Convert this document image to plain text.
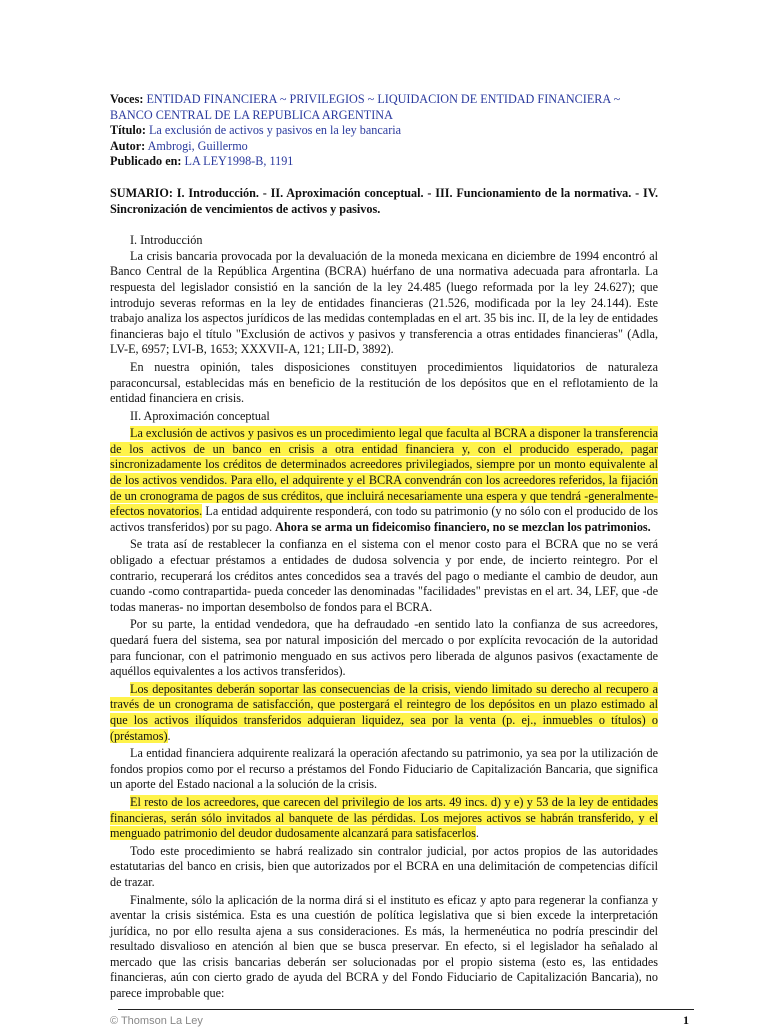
Voces: ENTIDAD FINANCIERA ~ PRIVILEGIOS ~ LIQUIDACION DE ENTIDAD FINANCIERA ~ BANCO CENTRAL DE LA REPUBLICA ARGENTINA
Título: La exclusión de activos y pasivos en la ley bancaria
Autor: Ambrogi, Guillermo
Publicado en: LA LEY1998-B, 1191
SUMARIO: I. Introducción. - II. Aproximación conceptual. - III. Funcionamiento de la normativa. - IV. Sincronización de vencimientos de activos y pasivos.
I. Introducción

La crisis bancaria provocada por la devaluación de la moneda mexicana en diciembre de 1994 encontró al Banco Central de la República Argentina (BCRA) huérfano de una normativa adecuada para afrontarla. La respuesta del legislador consistió en la sanción de la ley 24.485 (luego reformada por la ley 24.627); que introdujo severas reformas en la ley de entidades financieras (21.526, modificada por la ley 24.144). Este trabajo analiza los aspectos jurídicos de las medidas contempladas en el art. 35 bis inc. II, de la ley de entidades financieras bajo el título "Exclusión de activos y pasivos y transferencia a otras entidades financieras" (Adla, LV-E, 6957; LVI-B, 1653; XXXVII-A, 121; LII-D, 3892).

En nuestra opinión, tales disposiciones constituyen procedimientos liquidatorios de naturaleza paraconcursal, establecidas más en beneficio de la restitución de los depósitos que en el reflotamiento de la entidad financiera en crisis.

II. Aproximación conceptual

La exclusión de activos y pasivos es un procedimiento legal que faculta al BCRA a disponer la transferencia de los activos de un banco en crisis a otra entidad financiera y, con el producido esperado, pagar sincronizadamente los créditos de determinados acreedores privilegiados, siempre por un monto equivalente al de los activos vendidos. Para ello, el adquirente y el BCRA convendrán con los acreedores referidos, la fijación de un cronograma de pagos de sus créditos, que incluirá necesariamente una espera y que tendrá -generalmente- efectos novatorios. La entidad adquirente responderá, con todo su patrimonio (y no sólo con el producido de los activos transferidos) por su pago. Ahora se arma un fideicomiso financiero, no se mezclan los patrimonios.

Se trata así de restablecer la confianza en el sistema con el menor costo para el BCRA que no se verá obligado a efectuar préstamos a entidades de dudosa solvencia y por ende, de incierto reintegro. Por el contrario, recuperará los créditos antes concedidos sea a través del pago o mediante el cambio de deudor, aun cuando -como contrapartida- pueda conceder las denominadas "facilidades" previstas en el art. 34, LEF, que -de todas maneras- no importan desembolso de fondos para el BCRA.

Por su parte, la entidad vendedora, que ha defraudado -en sentido lato la confianza de sus acreedores, quedará fuera del sistema, sea por natural imposición del mercado o por explícita revocación de la autoridad para funcionar, con el patrimonio menguado en sus activos pero liberada de algunos pasivos (exactamente de aquéllos equivalentes a los activos transferidos).

Los depositantes deberán soportar las consecuencias de la crisis, viendo limitado su derecho al recupero a través de un cronograma de satisfacción, que postergará el reintegro de los depósitos en un plazo estimado al que los activos ilíquidos transferidos adquieran liquidez, sea por la venta (p. ej., inmuebles o títulos) o (préstamos).

La entidad financiera adquirente realizará la operación afectando su patrimonio, ya sea por la utilización de fondos propios como por el recurso a préstamos del Fondo Fiduciario de Capitalización Bancaria, que significa un aporte del Estado nacional a la solución de la crisis.

El resto de los acreedores, que carecen del privilegio de los arts. 49 incs. d) y e) y 53 de la ley de entidades financieras, serán sólo invitados al banquete de las pérdidas. Los mejores activos se habrán transferido, y el menguado patrimonio del deudor dudosamente alcanzará para satisfacerlos.

Todo este procedimiento se habrá realizado sin contralor judicial, por actos propios de las autoridades estatutarias del banco en crisis, bien que autorizados por el BCRA en una delimitación de competencias difícil de trazar.

Finalmente, sólo la aplicación de la norma dirá si el instituto es eficaz y apto para regenerar la confianza y aventar la crisis sistémica. Esta es una cuestión de política legislativa que si bien excede la interpretación jurídica, no por ello resulta ajena a sus consideraciones. Es más, la hermenéutica no podría prescindir del resultado disvalioso en atención al bien que se busca preservar. En efecto, si el legislador ha señalado al mercado que las crisis bancarias deberán ser solucionadas por el propio sistema (esto es, las entidades financieras, aún con cierto grado de ayuda del BCRA y del Fondo Fiduciario de Capitalización Bancaria), no parece improbable que:

© Thomson La Ley	1
